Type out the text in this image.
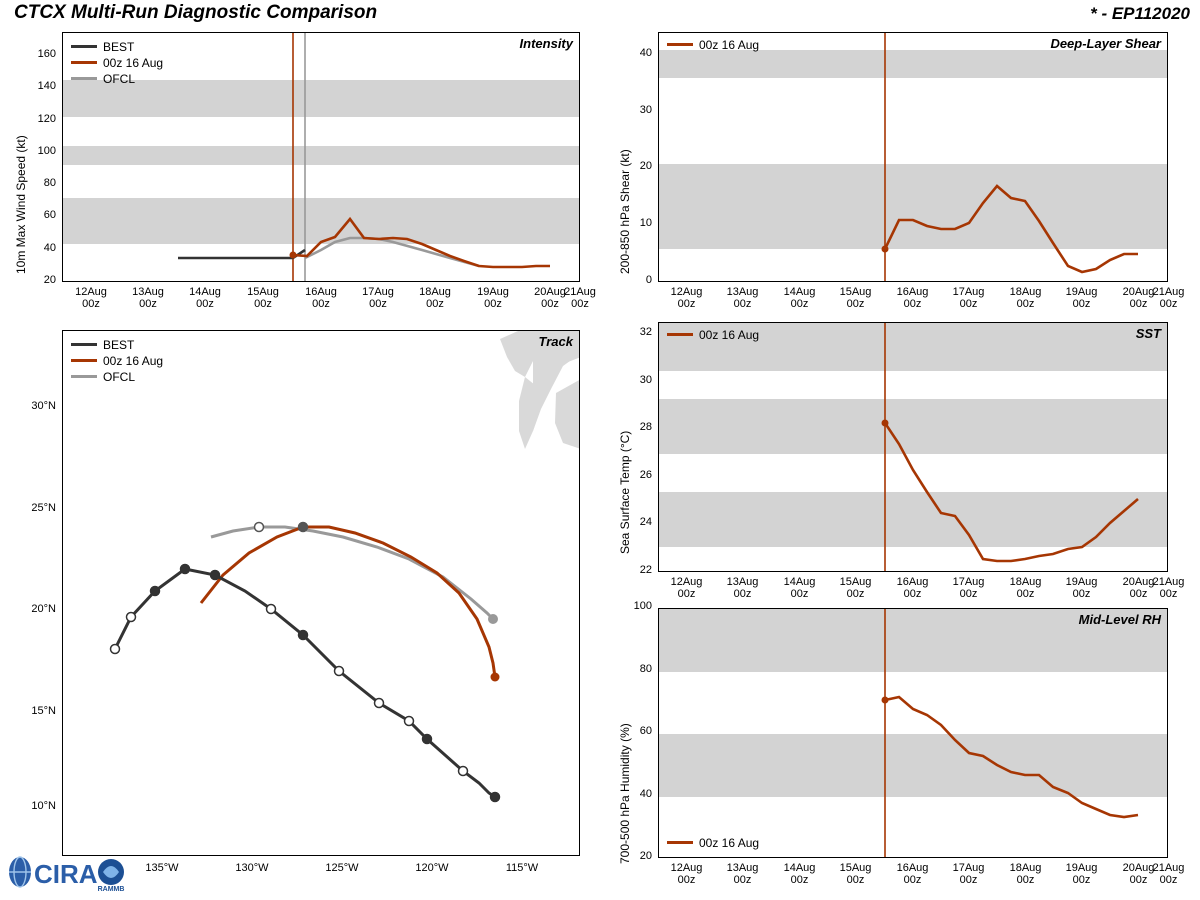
CTCX Multi-Run Diagnostic Comparison	* - EP112020
10m Max Wind Speed (kt)
Intensity
BEST
00z 16 Aug
OFCL
20
40
60
80
100
120
140
160
12Aug
00z
13Aug
00z
14Aug
00z
15Aug
00z
16Aug
00z
17Aug
00z
18Aug
00z
19Aug
00z
20Aug
00z
21Aug
00z
Track
BEST
00z 16 Aug
OFCL
30°N
25°N
20°N
15°N
10°N
135°W	130°W	125°W	120°W	115°W
200-850 hPa Shear (kt)
Deep-Layer Shear
00z 16 Aug
0
10
20
30
40
12Aug
00z
13Aug
00z
14Aug
00z
15Aug
00z
16Aug
00z
17Aug
00z
18Aug
00z
19Aug
00z
20Aug
00z
21Aug
00z
Sea Surface Temp (°C)
SST
00z 16 Aug
22
24
26
28
30
32
12Aug
00z
13Aug
00z
14Aug
00z
15Aug
00z
16Aug
00z
17Aug
00z
18Aug
00z
19Aug
00z
20Aug
00z
21Aug
00z
700-500 hPa Humidity (%)
Mid-Level RH
00z 16 Aug
20
40
60
80
100
12Aug
00z
13Aug
00z
14Aug
00z
15Aug
00z
16Aug
00z
17Aug
00z
18Aug
00z
19Aug
00z
20Aug
00z
21Aug
00z
CIRA
RAMMB
